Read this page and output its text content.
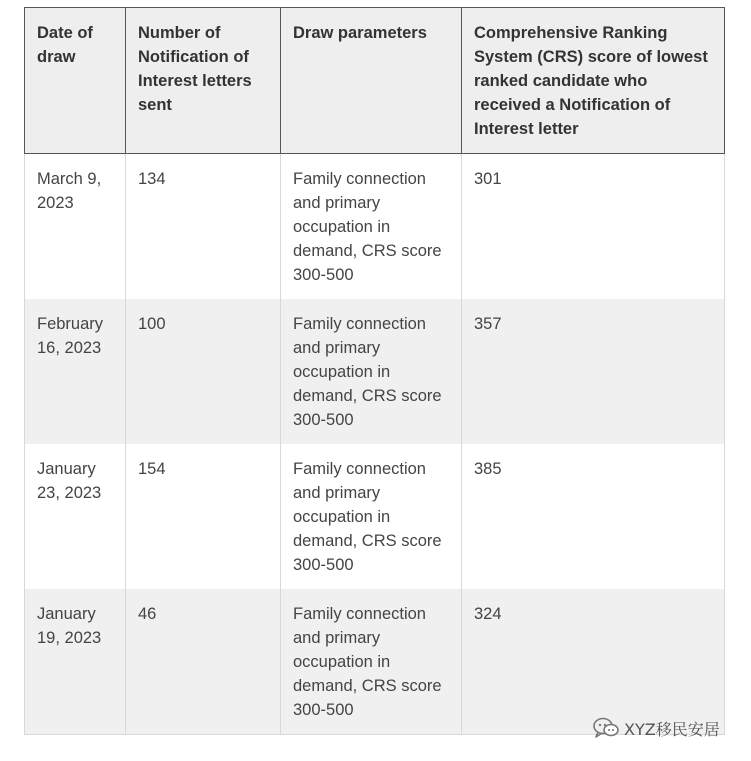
Date of draw	Number of Notification of Interest letters sent	Draw parameters	Comprehensive Ranking System (CRS) score of lowest ranked candidate who received a Notification of Interest letter
March 9, 2023	134	Family connection and primary occupation in demand, CRS score 300-500	301
February 16, 2023	100	Family connection and primary occupation in demand, CRS score 300-500	357
January 23, 2023	154	Family connection and primary occupation in demand, CRS score 300-500	385
January 19, 2023	46	Family connection and primary occupation in demand, CRS score 300-500	324
XYZ移民安居
